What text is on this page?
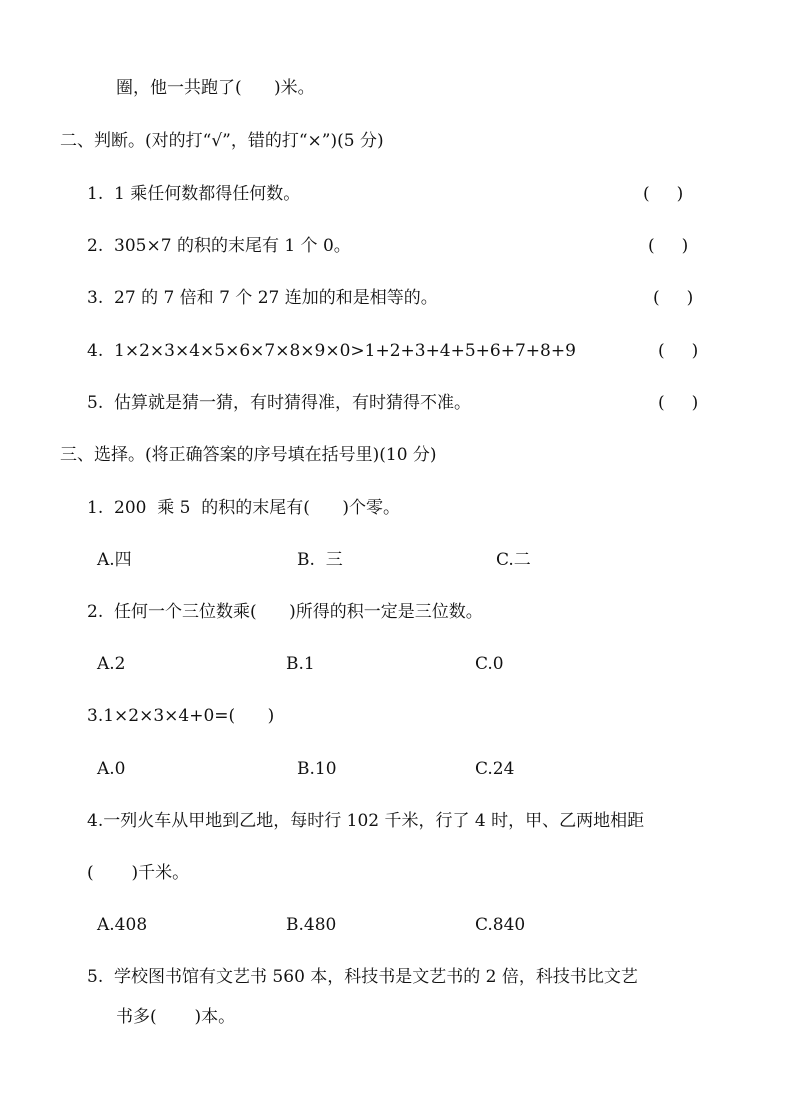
圈，他一共跑了(      )米。
二、判断。(对的打“√”，错的打“×”)(5 分)
1.  1 乘任何数都得任何数。	(     )
2.  305×7 的积的末尾有 1 个 0。	(     )
3.  27 的 7 倍和 7 个 27 连加的和是相等的。	(     )
4.  1×2×3×4×5×6×7×8×9×0>1+2+3+4+5+6+7+8+9	(     )
5.  估算就是猜一猜，有时猜得准，有时猜得不准。	(     )
三、选择。(将正确答案的序号填在括号里)(10 分)
1.  200  乘 5  的积的末尾有(      )个零。
A.四	B.  三	C.二
2.  任何一个三位数乘(      )所得的积一定是三位数。
A.2	B.1	C.0
3.1×2×3×4+0=(      )
A.0	B.10	C.24
4.一列火车从甲地到乙地，每时行 102 千米，行了 4 时，甲、乙两地相距
(       )千米。
A.408	B.480	C.840
5.  学校图书馆有文艺书 560 本，科技书是文艺书的 2 倍，科技书比文艺
书多(       )本。
